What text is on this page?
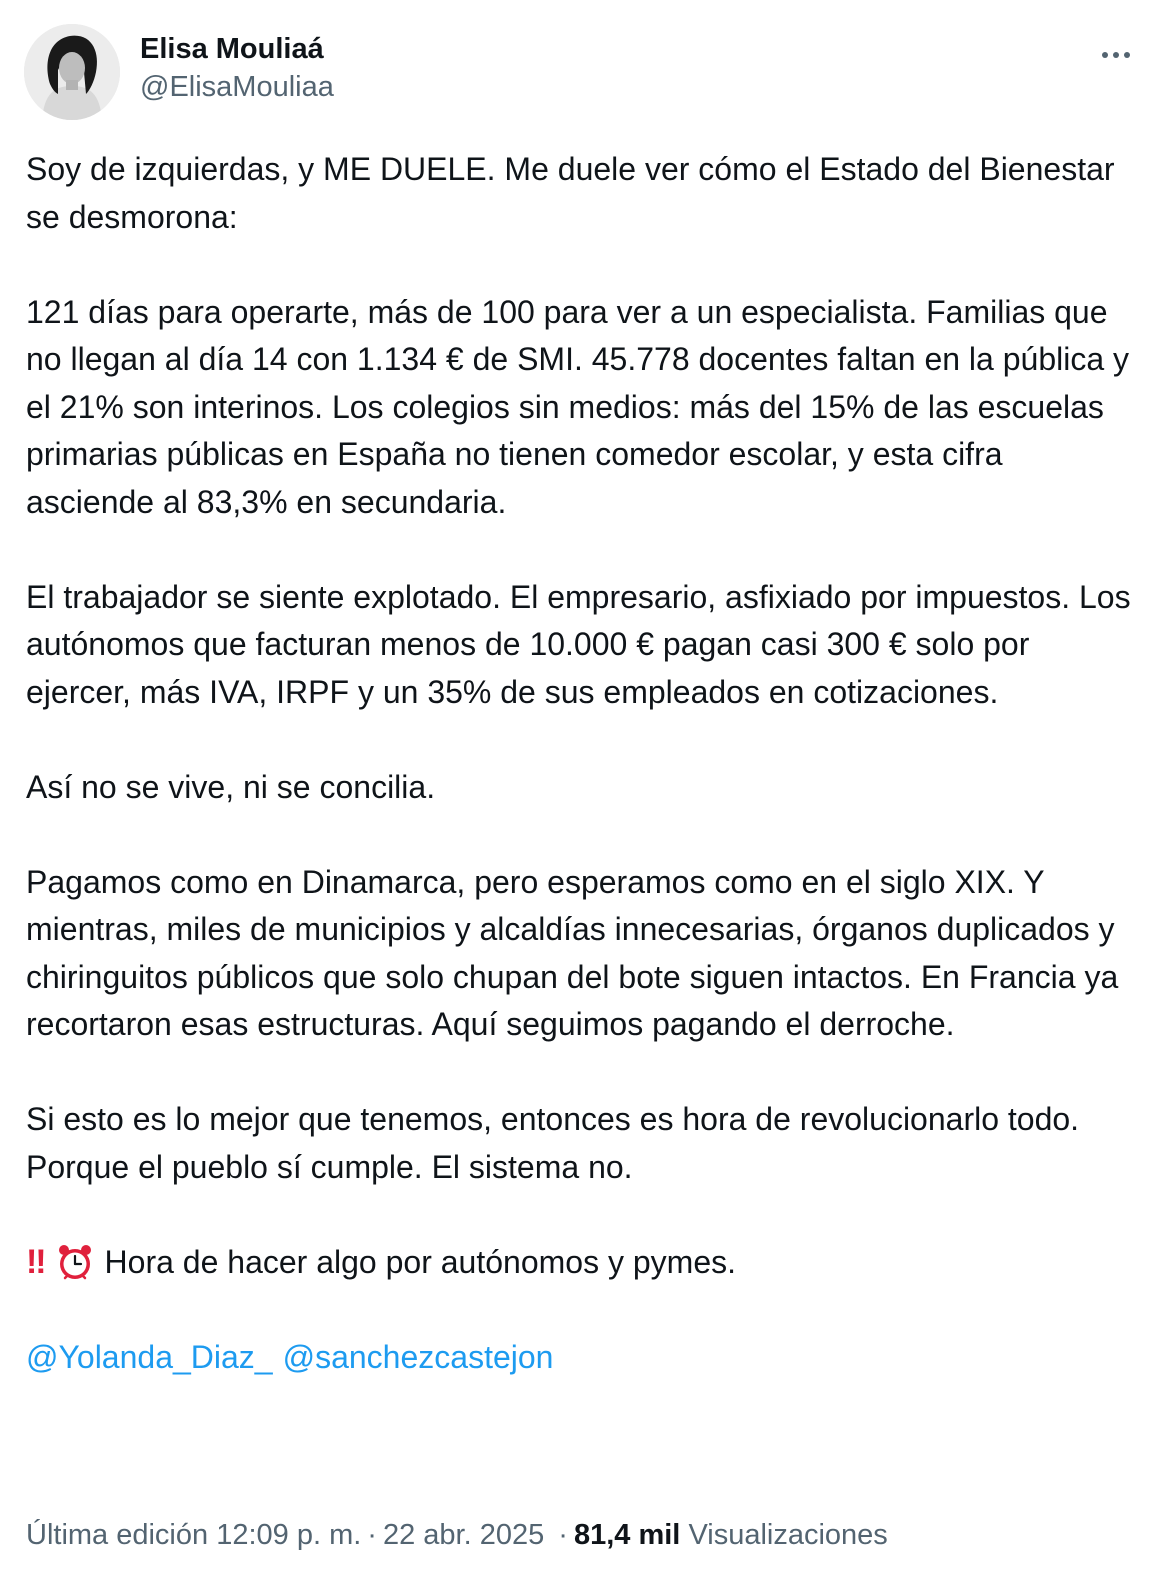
Elisa Mouliaá
@ElisaMouliaa

Soy de izquierdas, y ME DUELE. Me duele ver cómo el Estado del Bienestar se desmorona:

121 días para operarte, más de 100 para ver a un especialista. Familias que no llegan al día 14 con 1.134 € de SMI. 45.778 docentes faltan en la pública y el 21% son interinos. Los colegios sin medios: más del 15% de las escuelas primarias públicas en España no tienen comedor escolar, y esta cifra asciende al 83,3% en secundaria.

El trabajador se siente explotado. El empresario, asfixiado por impuestos. Los autónomos que facturan menos de 10.000 € pagan casi 300 € solo por ejercer, más IVA, IRPF y un 35% de sus empleados en cotizaciones.

Así no se vive, ni se concilia.

Pagamos como en Dinamarca, pero esperamos como en el siglo XIX. Y mientras, miles de municipios y alcaldías innecesarias, órganos duplicados y chiringuitos públicos que solo chupan del bote siguen intactos. En Francia ya recortaron esas estructuras. Aquí seguimos pagando el derroche.

Si esto es lo mejor que tenemos, entonces es hora de revolucionarlo todo. Porque el pueblo sí cumple. El sistema no.

‼ Hora de hacer algo por autónomos y pymes.

@Yolanda_Diaz_ @sanchezcastejon

Última edición 12:09 p. m. · 22 abr. 2025 · 81,4 mil Visualizaciones
